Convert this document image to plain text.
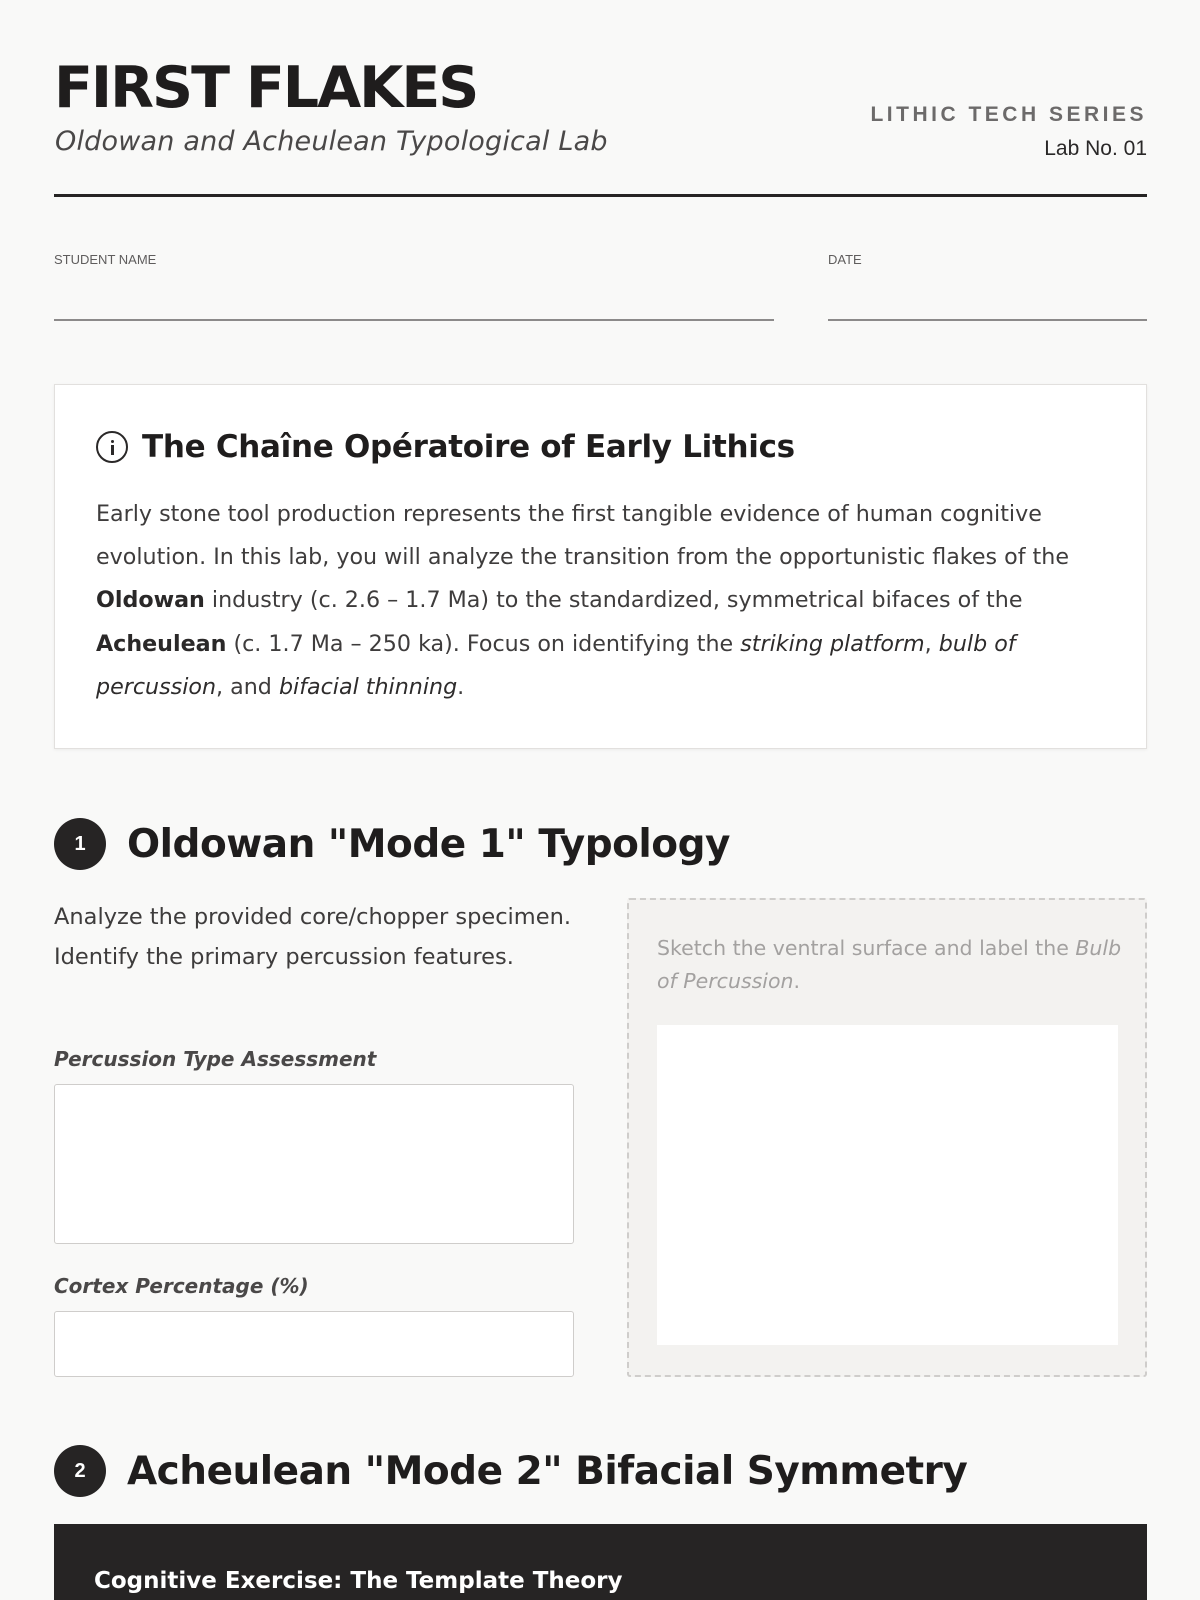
FIRST FLAKES
Oldowan and Acheulean Typological Lab
LITHIC TECH SERIES
Lab No. 01
STUDENT NAME	DATE
The Chaîne Opératoire of Early Lithics
Early stone tool production represents the first tangible evidence of human cognitive evolution. In this lab, you will analyze the transition from the opportunistic flakes of the Oldowan industry (c. 2.6 – 1.7 Ma) to the standardized, symmetrical bifaces of the Acheulean (c. 1.7 Ma – 250 ka). Focus on identifying the striking platform, bulb of percussion, and bifacial thinning.
1	Oldowan "Mode 1" Typology
Analyze the provided core/chopper specimen. Identify the primary percussion features.
Percussion Type Assessment
Cortex Percentage (%)
Sketch the ventral surface and label the Bulb of Percussion.
2	Acheulean "Mode 2" Bifacial Symmetry
Cognitive Exercise: The Template Theory
